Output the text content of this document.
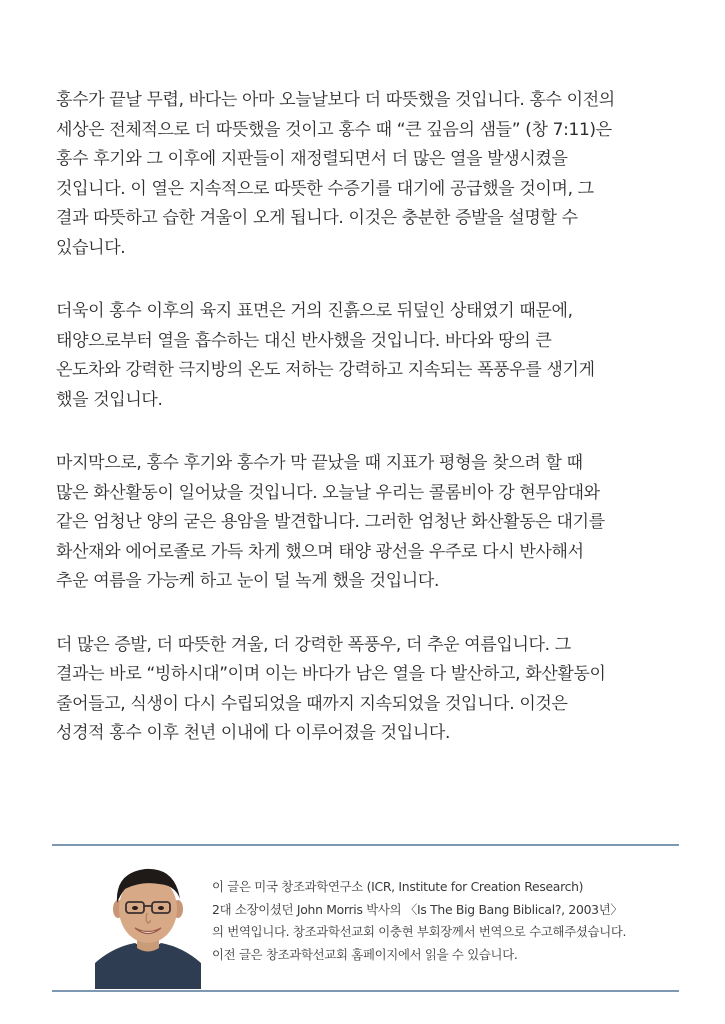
홍수가 끝날 무렵, 바다는 아마 오늘날보다 더 따뜻했을 것입니다. 홍수 이전의
세상은 전체적으로 더 따뜻했을 것이고 홍수 때 “큰 깊음의 샘들” (창 7:11)은
홍수 후기와 그 이후에 지판들이 재정렬되면서 더 많은 열을 발생시켰을
것입니다. 이 열은 지속적으로 따뜻한 수증기를 대기에 공급했을 것이며, 그
결과 따뜻하고 습한 겨울이 오게 됩니다. 이것은 충분한 증발을 설명할 수
있습니다.

더욱이 홍수 이후의 육지 표면은 거의 진흙으로 뒤덮인 상태였기 때문에,
태양으로부터 열을 흡수하는 대신 반사했을 것입니다. 바다와 땅의 큰
온도차와 강력한 극지방의 온도 저하는 강력하고 지속되는 폭풍우를 생기게
했을 것입니다.

마지막으로, 홍수 후기와 홍수가 막 끝났을 때 지표가 평형을 찾으려 할 때
많은 화산활동이 일어났을 것입니다. 오늘날 우리는 콜롬비아 강 현무암대와
같은 엄청난 양의 굳은 용암을 발견합니다. 그러한 엄청난 화산활동은 대기를
화산재와 에어로졸로 가득 차게 했으며 태양 광선을 우주로 다시 반사해서
추운 여름을 가능케 하고 눈이 덜 녹게 했을 것입니다.

더 많은 증발, 더 따뜻한 겨울, 더 강력한 폭풍우, 더 추운 여름입니다. 그
결과는 바로 “빙하시대”이며 이는 바다가 남은 열을 다 발산하고, 화산활동이
줄어들고, 식생이 다시 수립되었을 때까지 지속되었을 것입니다. 이것은
성경적 홍수 이후 천년 이내에 다 이루어졌을 것입니다.

이 글은 미국 창조과학연구소 (ICR, Institute for Creation Research)
2대 소장이셨던 John Morris 박사의 〈Is The Big Bang Biblical?, 2003년〉
의 번역입니다. 창조과학선교회 이충현 부회장께서 번역으로 수고해주셨습니다.
이전 글은 창조과학선교회 홈페이지에서 읽을 수 있습니다.
